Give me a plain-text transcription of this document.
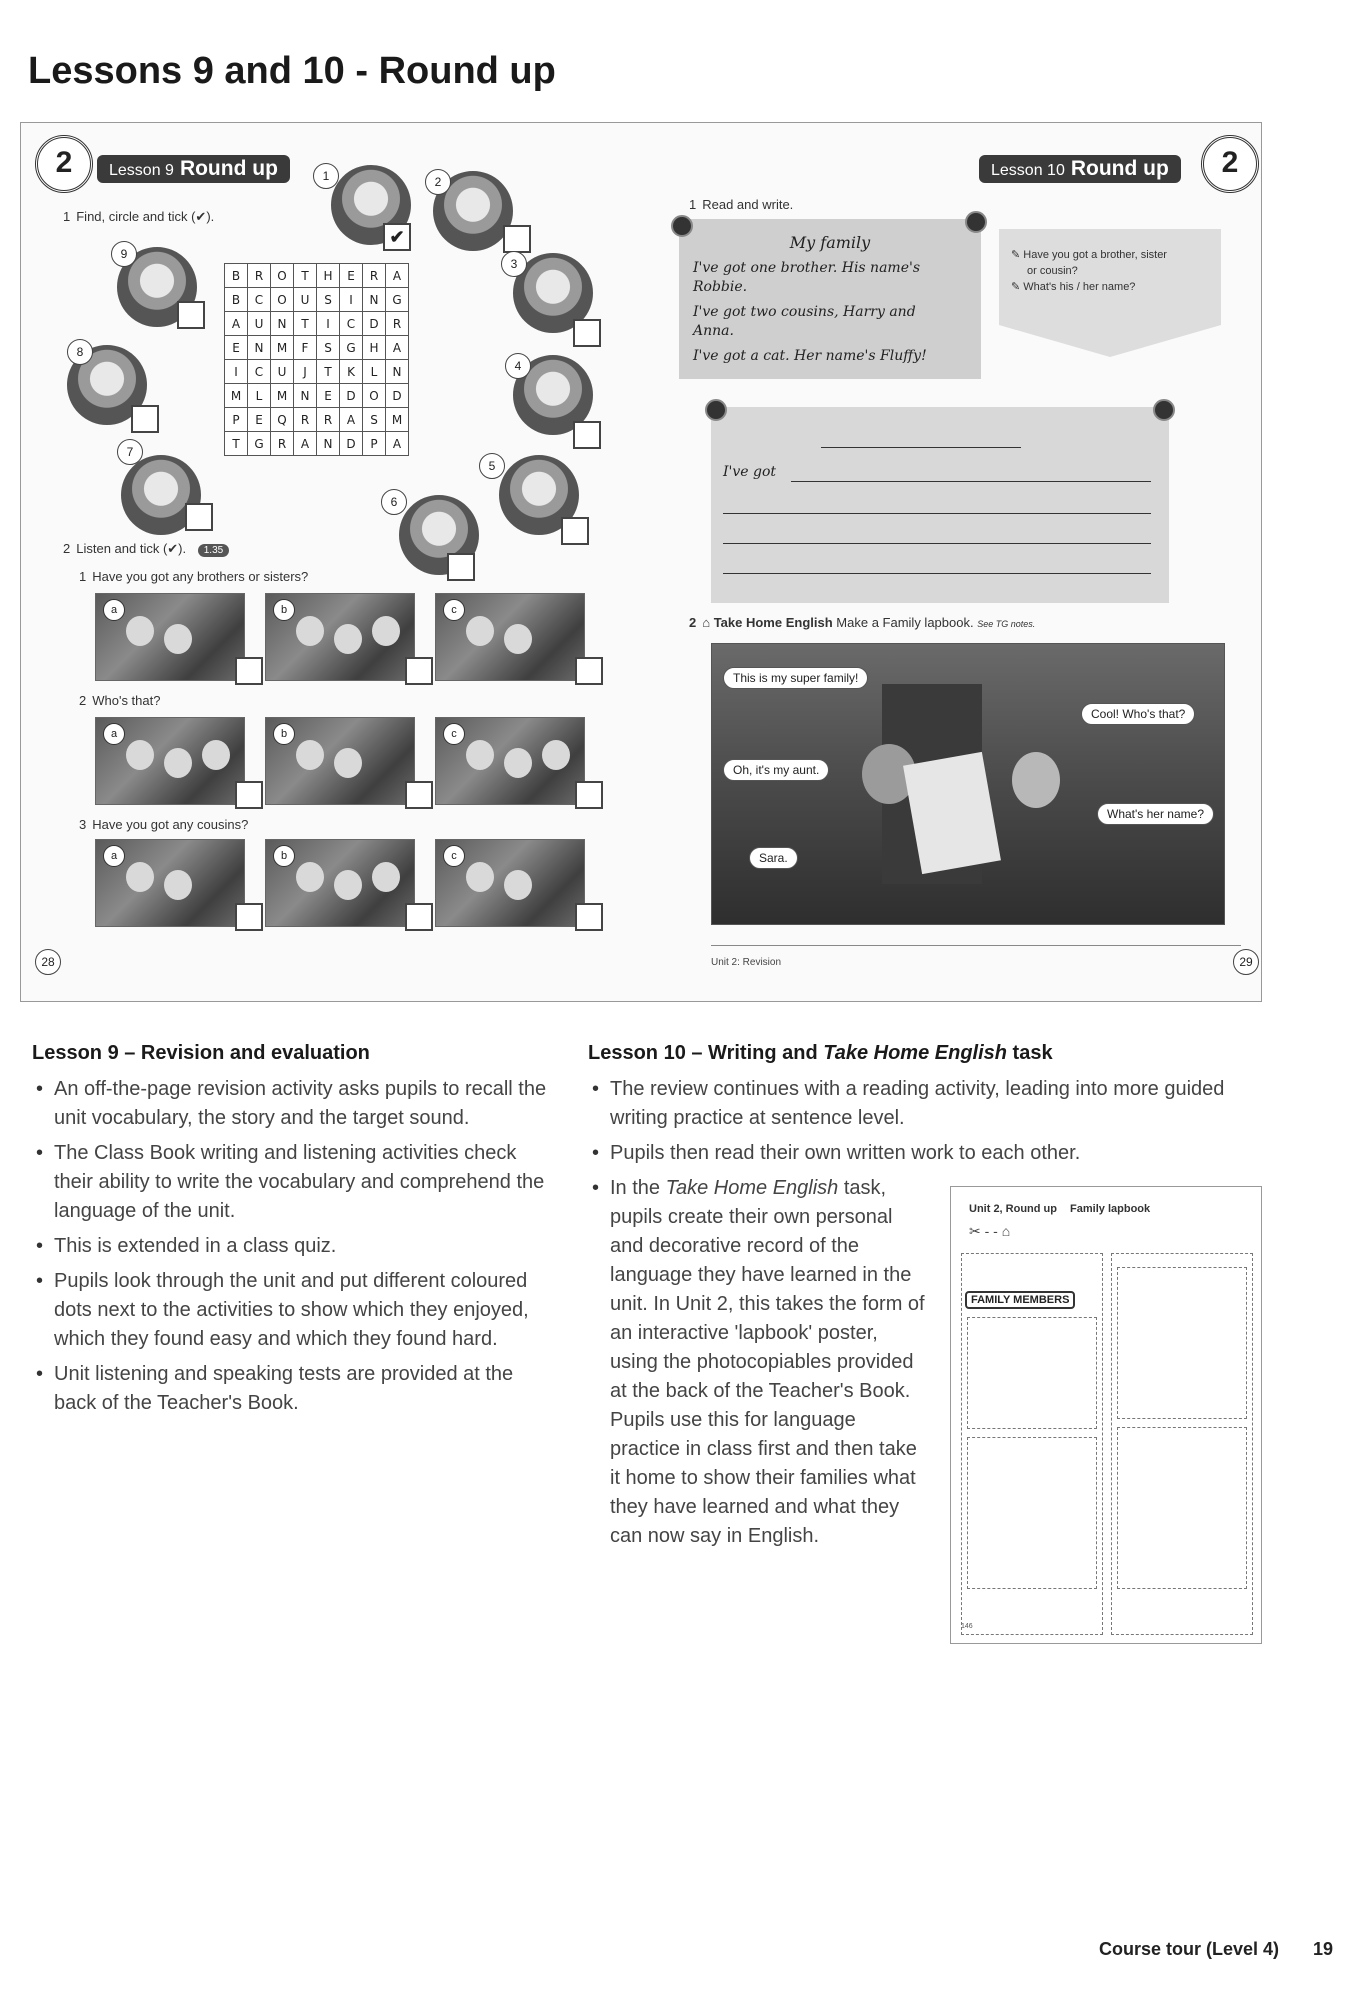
Lessons 9 and 10 - Round up
2	Lesson 9 Round up
1 Find, circle and tick (✔).
1
✔
2
3
4
5
6
7
8
9
B	R	O	T	H	E	R	A
B	C	O	U	S	I	N	G
A	U	N	T	I	C	D	R
E	N	M	F	S	G	H	A
I	C	U	J	T	K	L	N
M	L	M	N	E	D	O	D
P	E	Q	R	R	A	S	M
T	G	R	A	N	D	P	A
2 Listen and tick (✔). 1.35
1 Have you got any brothers or sisters?
2 Who's that?
3 Have you got any cousins?
a	b	c
a	b	c
a	b	c
28
Lesson 10 Round up	2
1 Read and write.
My family
I've got one brother. His name's
Robbie.
I've got two cousins, Harry and
Anna.
I've got a cat. Her name's Fluffy!
✎ Have you got a brother, sister
or cousin?
✎ What's his / her name?
I've got
2 ⌂ Take Home English Make a Family lapbook. See TG notes.
This is my super family!
Oh, it's my aunt.
Sara.
Cool! Who's that?
What's her name?
Unit 2: Revision	29
Lesson 9 – Revision and evaluation
• An off-the-page revision activity asks pupils to recall the unit vocabulary, the story and the target sound.
• The Class Book writing and listening activities check their ability to write the vocabulary and comprehend the language of the unit.
• This is extended in a class quiz.
• Pupils look through the unit and put different coloured dots next to the activities to show which they enjoyed, which they found easy and which they found hard.
• Unit listening and speaking tests are provided at the back of the Teacher's Book.
Lesson 10 – Writing and Take Home English task
• The review continues with a reading activity, leading into more guided writing practice at sentence level.
• Pupils then read their own written work to each other.
• In the Take Home English task, pupils create their own personal and decorative record of the language they have learned in the unit. In Unit 2, this takes the form of an interactive 'lapbook' poster, using the photocopiables provided at the back of the Teacher's Book. Pupils use this for language practice in class first and then take it home to show their families what they have learned and what they can now say in English.
Unit 2, Round up Family lapbook
✂ - - ⌂
FAMILY MEMBERS
146
Course tour (Level 4) 19
